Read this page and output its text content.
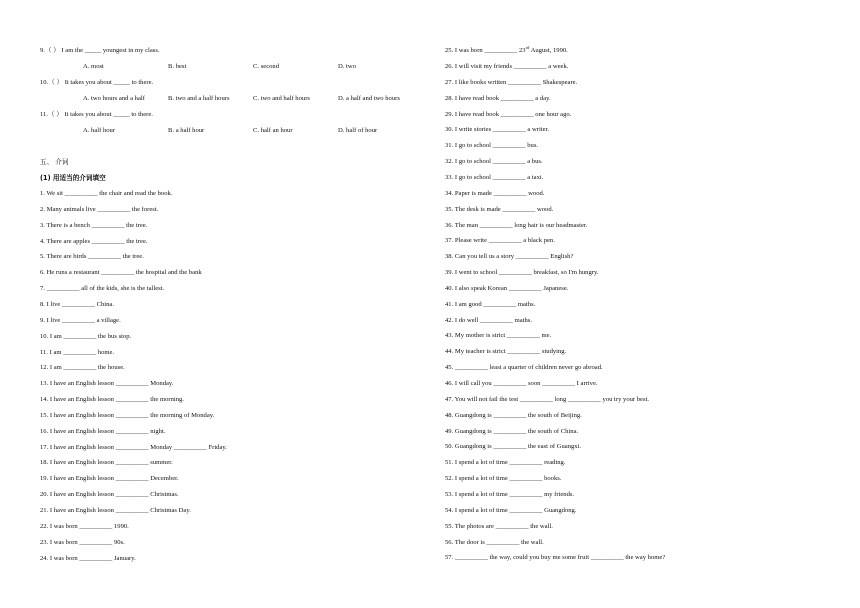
9.（ ） I am the _____ youngest in my class.
A. most	B. best	C. second	D. two
10.（ ） It takes you about _____ to there.
A. two hours and a half	B. two and a half hours	C. two and half hours	D. a half and two hours
11.（ ） It takes you about _____ to there.
A. half hour	B. a half hour	C. half an hour	D. half of hour
五、 介词
(1) 用适当的介词填空
1. We sit __________ the chair and read the book.
2. Many animals live __________ the forest.
3. There is a bench __________ the tree.
4. There are apples __________ the tree.
5. There are birds __________ the tree.
6. He runs a restaurant __________ the hospital and the bank
7. __________ all of the kids, she is the tallest.
8. I live __________ China.
9. I live __________ a village.
10. I am __________ the bus stop.
11. I am __________ home.
12. I am __________ the house.
13. I have an English lesson __________ Monday.
14. I have an English lesson __________ the morning.
15. I have an English lesson __________ the morning of Monday.
16. I have an English lesson __________ night.
17. I have an English lesson __________ Monday __________ Friday.
18. I have an English lesson __________ summer.
19. I have an English lesson __________ December.
20. I have an English lesson __________ Christmas.
21. I have an English lesson __________ Christmas Day.
22. I was born __________ 1990.
23. I was born __________ 90s.
24. I was born __________ January.
25. I was born __________ 23rd August, 1990.
26. I will visit my friends __________ a week.
27. I like books written __________ Shakespeare.
28. I have read book __________ a day.
29. I have read book __________ one hour ago.
30. I write stories __________ a writer.
31. I go to school __________ bus.
32. I go to school __________ a bus.
33. I go to school __________ a taxi.
34. Paper is made __________ wood.
35. The desk is made __________ wood.
36. The man __________ long hair is our headmaster.
37. Please write __________ a black pen.
38. Can you tell us a story __________ English?
39. I went to school __________ breakfast, so I'm hungry.
40. I also speak Korean __________ Japanese.
41. I am good __________ maths.
42. I do well __________ maths.
43. My mother is strict __________ me.
44. My teacher is strict __________ studying.
45. __________ least a quarter of children never go abroad.
46. I will call you __________ soon __________ I arrive.
47. You will not fail the test __________ long __________ you try your best.
48. Guangdong is __________ the south of Beijing.
49. Guangdong is __________ the south of China.
50. Guangdong is __________ the east of Guangxi.
51. I spend a lot of time __________ reading.
52. I spend a lot of time __________ books.
53. I spend a lot of time __________ my friends.
54. I spend a lot of time __________ Guangdong.
55. The photos are __________ the wall.
56. The door is __________ the wall.
57. __________ the way, could you buy me some fruit __________ the way home?
